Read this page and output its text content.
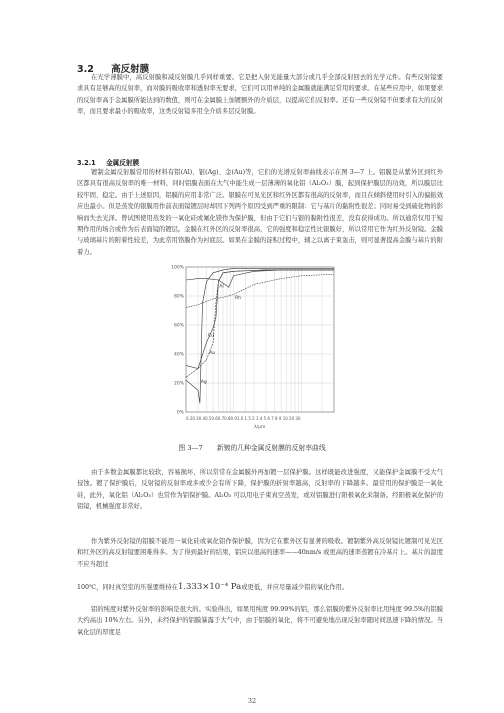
3.2 高反射膜
在光学薄膜中，高反射膜和减反射膜几乎同样重要。它是把入射光能量大部分或几乎全部反射回去的光学元件。有些反射镜要求具有足够高的反射率，而对膜的吸收率和透射率无要求，它们可以用单纯的金属膜就能满足常用的要求。在某些应用中，如果要求的反射率高于金属膜所能达到的数值，则可在金属膜上加镀额外的介质层，以提高它们反射率。还有一些反射镜不但要求有大的反射率，而且要求最小的吸收率，这类反射镜多用全介质多层反射膜。
3.2.1 金属反射膜
镀制金属反射膜常用的材料有铝(Al)、银(Ag)、金(Au)等，它们的光谱反射率曲线表示在图 3—7 上。铝膜是从紫外区到红外区都具有很高反射率的唯一材料，同时铝膜表面在大气中能生成一层薄薄的氧化铝（Al₂O₃）膜，起到保护膜层的功效，所以膜层比较牢固、稳定。由于上述原因，铝膜的应用非常广泛。银膜在可见光区和红外区都有很高的反射率，而且在倾斜使用时引入的偏振效应也最小。但是蒸发的银膜用作前表面镜镀层时却因下列两个原因受到严重的限制：它与基片的黏附性很差；同时易受到硫化物的影响而失去光泽。曾试图使用蒸发的一氧化硅或氟化镁作为保护膜，但由于它们与银的黏附性很差，没有获得成功。所以通常仅用于短期作用的场合或作为后表面镜的镀层。金膜在红外区的反射率很高，它的强度和稳定性比银膜好，所以常用它作为红外反射镜。金膜与玻璃基片的附着性较差，为此常用铬膜作为衬底层。如果在金膜的淀积过程中，辅之以离子束轰击，则可显著提高金膜与基片的附着力。
100%
80%
60%
40%
20%
0%
Al
Cu
Au
Ag
Rh
0.20.30.40.50.60.70.80.91.0 1.5 2 3 4 5 6 7 8 9 10 20 30
λ/μm
图 3—7 新镀的几种金属反射膜的反射率曲线
由于多数金属膜都比较软，容易损坏，所以常常在金属膜外再加镀一层保护膜。这样既能改进强度，又能保护金属膜不受大气侵蚀。镀了保护膜后，反射镜的反射率或多或少会有所下降，保护膜的折射率越高，反射率的下降越多。最常用的保护膜是一氧化硅，此外，氧化铝（Al₂O₃）也常作为铝保护膜。Al₂O₃ 可以用电子束真空蒸发，或对铝膜进行阳极氧化来制备。经阳极氧化保护的铝镜，机械强度非常好。
作为紫外反射镜的铝膜不能用一氧化硅或氧化铝作保护膜，因为它在紫外区有显著的吸收。镀制紫外高反射镜比镀制可见光区和红外区的高反射镜要困难得多。为了得到最好的结果，铝应以很高的速率——40nm/s 或更高的速率蒸镀在冷基片上。基片的温度不应当超过
100℃，同时真空室的压强要维持在1.333×10⁻⁴ Pa或更低，并应尽量减少铝的氧化作用。
铝的纯度对紫外反射率的影响是很大的。实验得出，如果用纯度 99.99%的铝，那么铝膜的紫外反射率比用纯度 99.5%的铝膜大约高出 10%左右。另外，未经保护的铝膜暴露于大气中，由于铝膜的氧化，将不可避免地出现反射率随时间迅速下降的情况。当氧化层的厚度足
32
